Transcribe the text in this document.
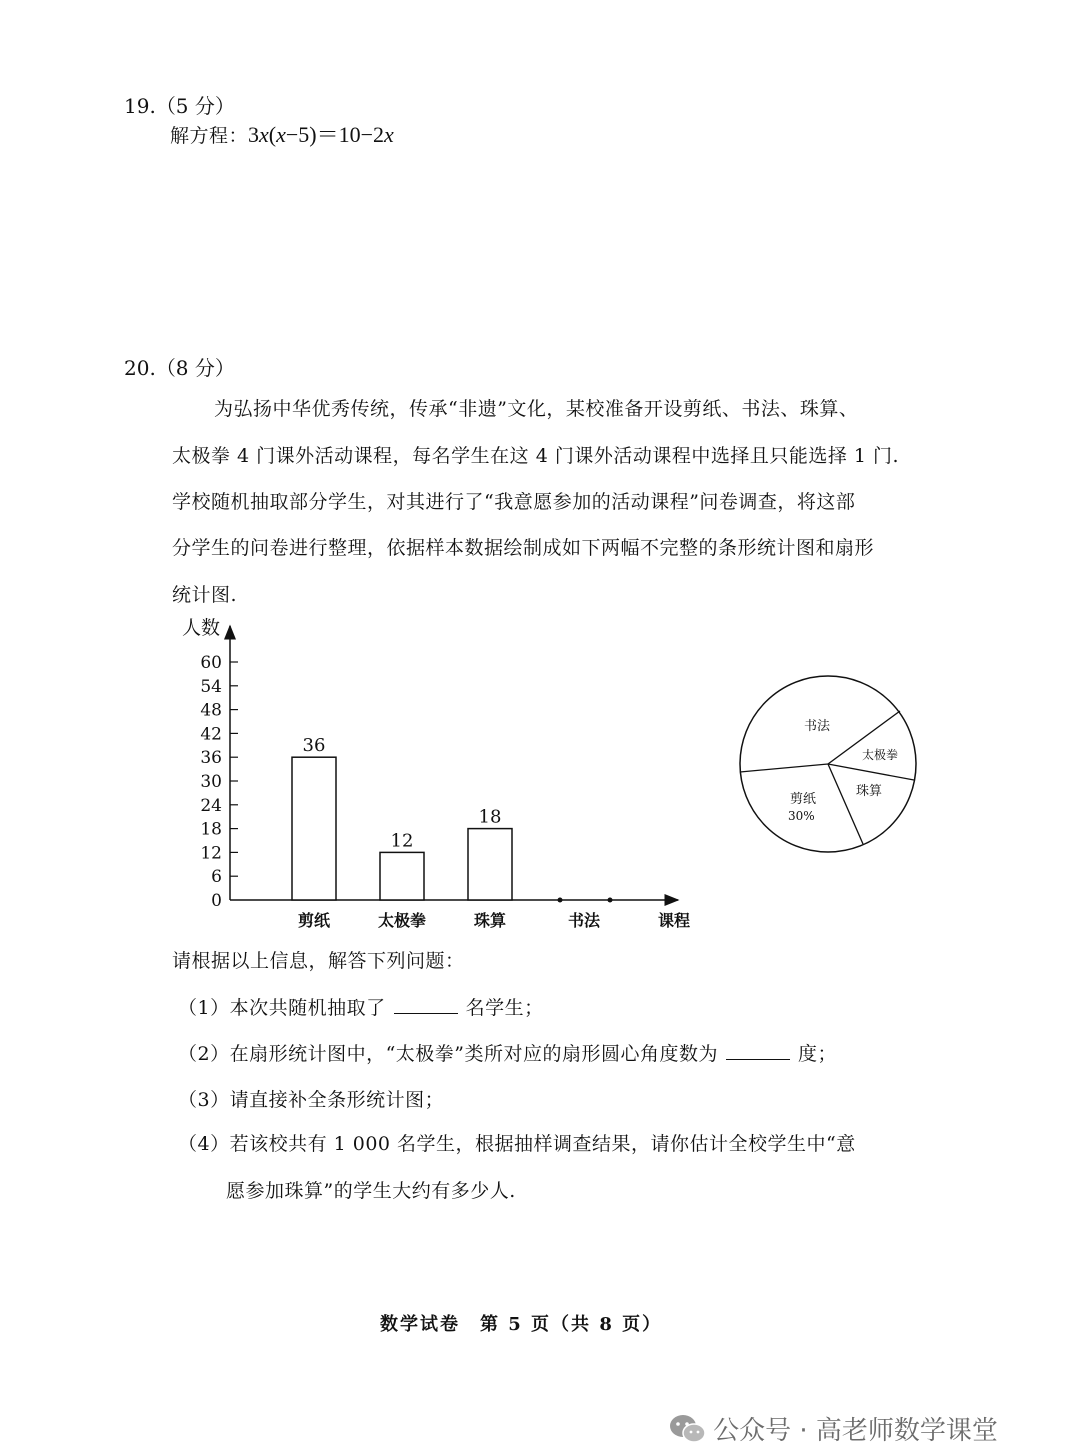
19.（5 分）
解方程：3x(x−5)＝10−2x
20.（8 分）
为弘扬中华优秀传统，传承“非遗”文化，某校准备开设剪纸、书法、珠算、
太极拳 4 门课外活动课程，每名学生在这 4 门课外活动课程中选择且只能选择 1 门.
学校随机抽取部分学生，对其进行了“我意愿参加的活动课程”问卷调查，将这部
分学生的问卷进行整理，依据样本数据绘制成如下两幅不完整的条形统计图和扇形
统计图.
人数
课程
0
6
12
18
24
30
36
42
48
54
60
36
剪纸
12
太极拳
18
珠算	书法
书法
太极拳
珠算
剪纸
30%
请根据以上信息，解答下列问题：
（1）本次共随机抽取了	名学生；
（2）在扇形统计图中，“太极拳”类所对应的扇形圆心角度数为	度；
（3）请直接补全条形统计图；
（4）若该校共有 1 000 名学生，根据抽样调查结果，请你估计全校学生中“意
愿参加珠算”的学生大约有多少人.
数学试卷　第 5 页（共 8 页）
公众号 · 高老师数学课堂
